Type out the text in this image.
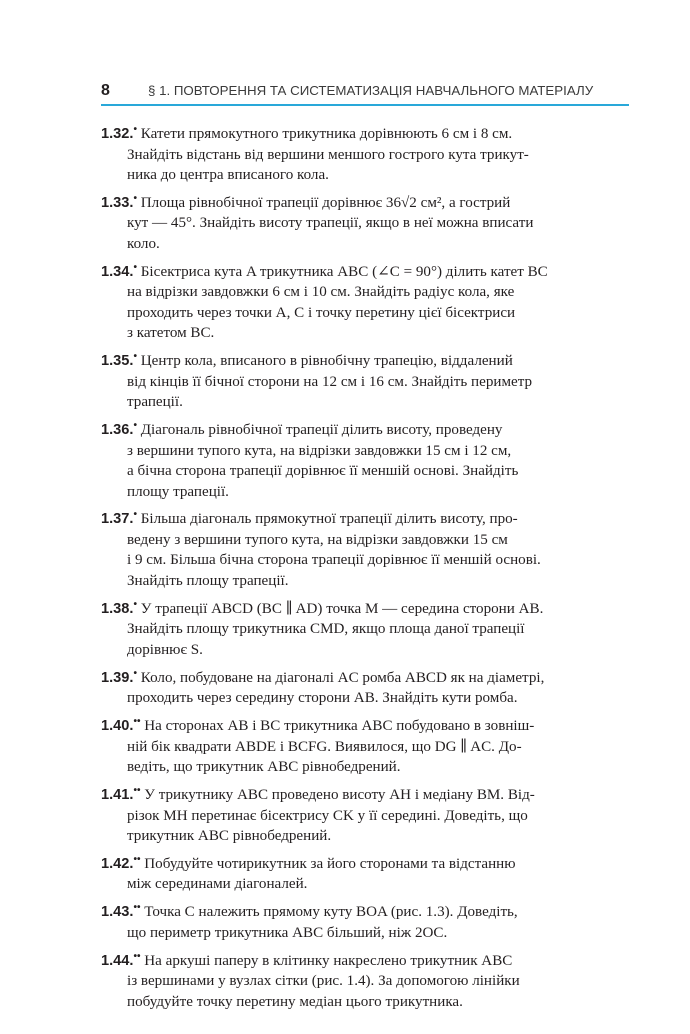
8	§ 1. ПОВТОРЕННЯ ТА СИСТЕМАТИЗАЦІЯ НАВЧАЛЬНОГО МАТЕРІАЛУ
1.32.• Катети прямокутного трикутника дорівнюють 6 см і 8 см.
Знайдіть відстань від вершини меншого гострого кута трикут-
ника до центра вписаного кола.
1.33.• Площа рівнобічної трапеції дорівнює 36√2 см², а гострий
кут — 45°. Знайдіть висоту трапеції, якщо в неї можна вписати
коло.
1.34.• Бісектриса кута A трикутника ABC (∠C = 90°) ділить катет BC
на відрізки завдовжки 6 см і 10 см. Знайдіть радіус кола, яке
проходить через точки A, C і точку перетину цієї бісектриси
з катетом BC.
1.35.• Центр кола, вписаного в рівнобічну трапецію, віддалений
від кінців її бічної сторони на 12 см і 16 см. Знайдіть периметр
трапеції.
1.36.• Діагональ рівнобічної трапеції ділить висоту, проведену
з вершини тупого кута, на відрізки завдовжки 15 см і 12 см,
а бічна сторона трапеції дорівнює її меншій основі. Знайдіть
площу трапеції.
1.37.• Більша діагональ прямокутної трапеції ділить висоту, про-
ведену з вершини тупого кута, на відрізки завдовжки 15 см
і 9 см. Більша бічна сторона трапеції дорівнює її меншій основі.
Знайдіть площу трапеції.
1.38.• У трапеції ABCD (BC ∥ AD) точка M — середина сторони AB.
Знайдіть площу трикутника CMD, якщо площа даної трапеції
дорівнює S.
1.39.• Коло, побудоване на діагоналі AC ромба ABCD як на діаметрі,
проходить через середину сторони AB. Знайдіть кути ромба.
1.40.•• На сторонах AB і BC трикутника ABC побудовано в зовніш-
ній бік квадрати ABDE і BCFG. Виявилося, що DG ∥ AC. До-
ведіть, що трикутник ABC рівнобедрений.
1.41.•• У трикутнику ABC проведено висоту AH і медіану BM. Від-
різок MH перетинає бісектрису CK у її середині. Доведіть, що
трикутник ABC рівнобедрений.
1.42.•• Побудуйте чотирикутник за його сторонами та відстанню
між серединами діагоналей.
1.43.•• Точка C належить прямому куту BOA (рис. 1.3). Доведіть,
що периметр трикутника ABC більший, ніж 2OC.
1.44.•• На аркуші паперу в клітинку накреслено трикутник ABC
із вершинами у вузлах сітки (рис. 1.4). За допомогою лінійки
побудуйте точку перетину медіан цього трикутника.
